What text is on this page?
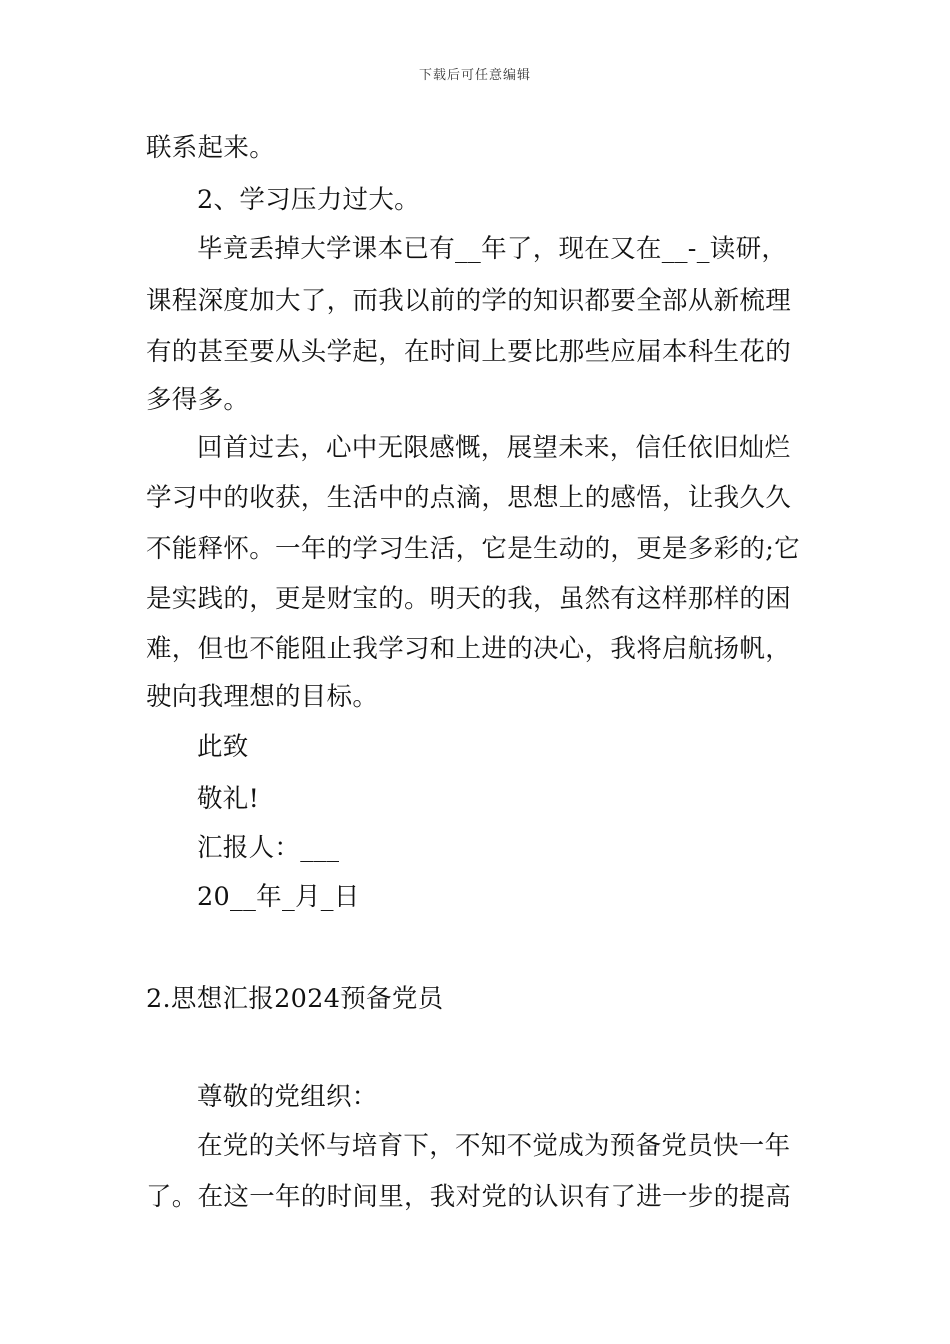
下载后可任意编辑
联系起来。
2、学习压力过大。
毕竟丢掉大学课本已有__年了，现在又在__-_读研，
课程深度加大了，而我以前的学的知识都要全部从新梳理
有的甚至要从头学起，在时间上要比那些应届本科生花的
多得多。
回首过去，心中无限感慨，展望未来，信任依旧灿烂
学习中的收获，生活中的点滴，思想上的感悟，让我久久
不能释怀。一年的学习生活，它是生动的，更是多彩的;它
是实践的，更是财宝的。明天的我，虽然有这样那样的困
难，但也不能阻止我学习和上进的决心，我将启航扬帆，
驶向我理想的目标。
此致
敬礼!
汇报人：___
20__年_月_日
2.思想汇报2024预备党员
尊敬的党组织：
在党的关怀与培育下，不知不觉成为预备党员快一年
了。在这一年的时间里，我对党的认识有了进一步的提高
